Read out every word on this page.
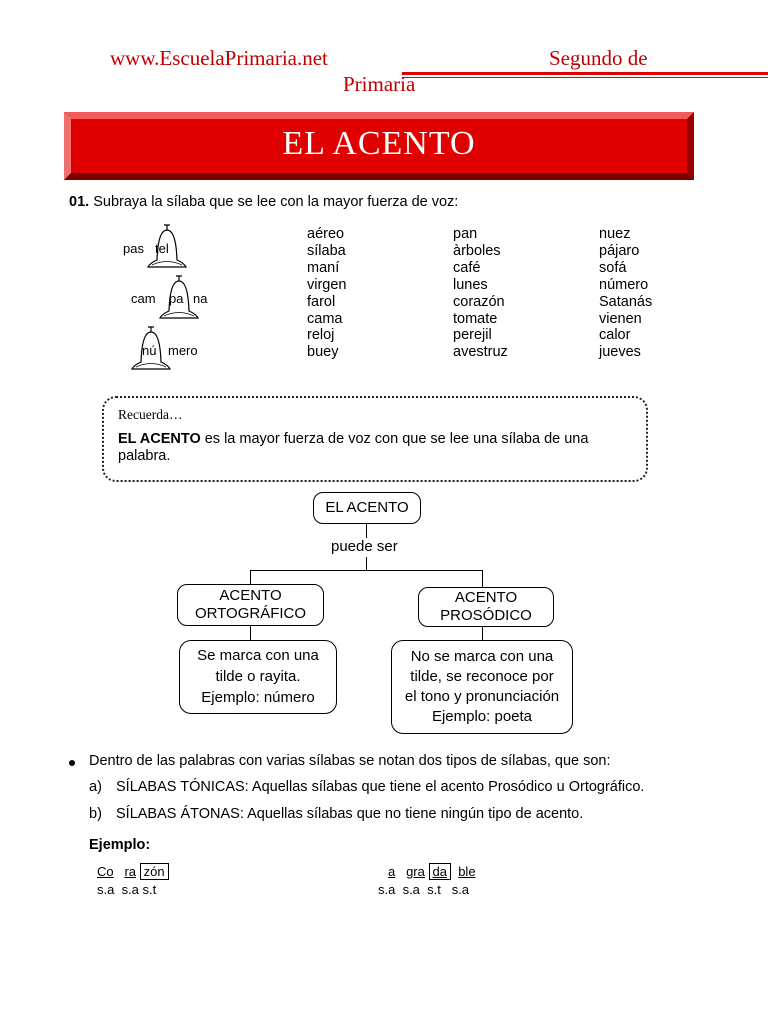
www.EscuelaPrimaria.net	Segundo de
Primaria
EL ACENTO
01. Subraya la sílaba que se lee con la mayor fuerza de voz:
pas tel
cam pa na
nú mero
aéreo
sílaba
maní
virgen
farol
cama
reloj
buey
pan
àrboles
café
lunes
corazón
tomate
perejil
avestruz
nuez
pájaro
sofá
número
Satanás
vienen
calor
jueves
Recuerda…
EL ACENTO es la mayor fuerza de voz con que se lee una sílaba de una
palabra.
EL ACENTO
puede ser
ACENTO
ORTOGRÁFICO
Se marca con una
tilde o rayita.
Ejemplo: número
ACENTO
PROSÓDICO
No se marca con una
tilde, se reconoce por
el tono y pronunciación
Ejemplo: poeta
Dentro de las palabras con varias sílabas se notan dos tipos de sílabas, que son:
a) SÍLABAS TÓNICAS: Aquellas sílabas que tiene el acento Prosódico u Ortográfico.
b) SÍLABAS ÁTONAS: Aquellas sílabas que no tiene ningún tipo de acento.
Ejemplo:
Co ra zón
s.a  s.a s.t
a gra da ble
s.a  s.a  s.t   s.a
